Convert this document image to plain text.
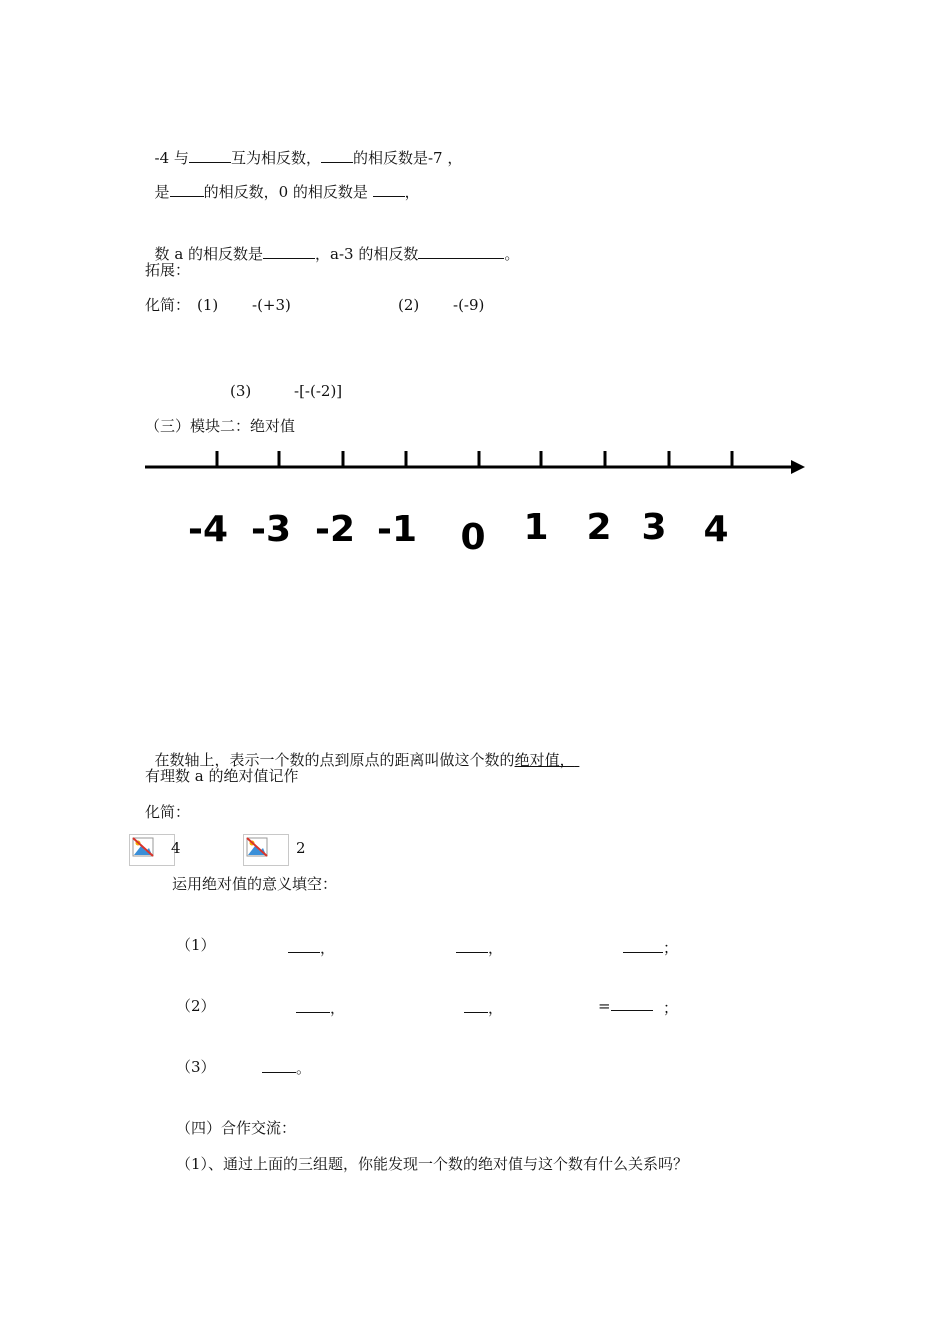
-4 与	互为相反数， 的相反数是-7 ，

是 的相反数，0 的相反数是 ，

数 a 的相反数是	，a-3 的相反数	。

拓展：
化简： (1) -(+3)	(2) -(-9)
(3)	-[-(-2)]
（三）模块二：绝对值
-4 -3 -2 -1 0 1 2 3 4

在数轴上，表示一个数的点到原点的距离叫做这个数的绝对值，

有理数 a 的绝对值记作
化简：
4	2
运用绝对值的意义填空：
（1）	，	，	；
（2）	，	，	=	；
（3）	。
（四）合作交流：
（1）、通过上面的三组题，你能发现一个数的绝对值与这个数有什么关系吗？
